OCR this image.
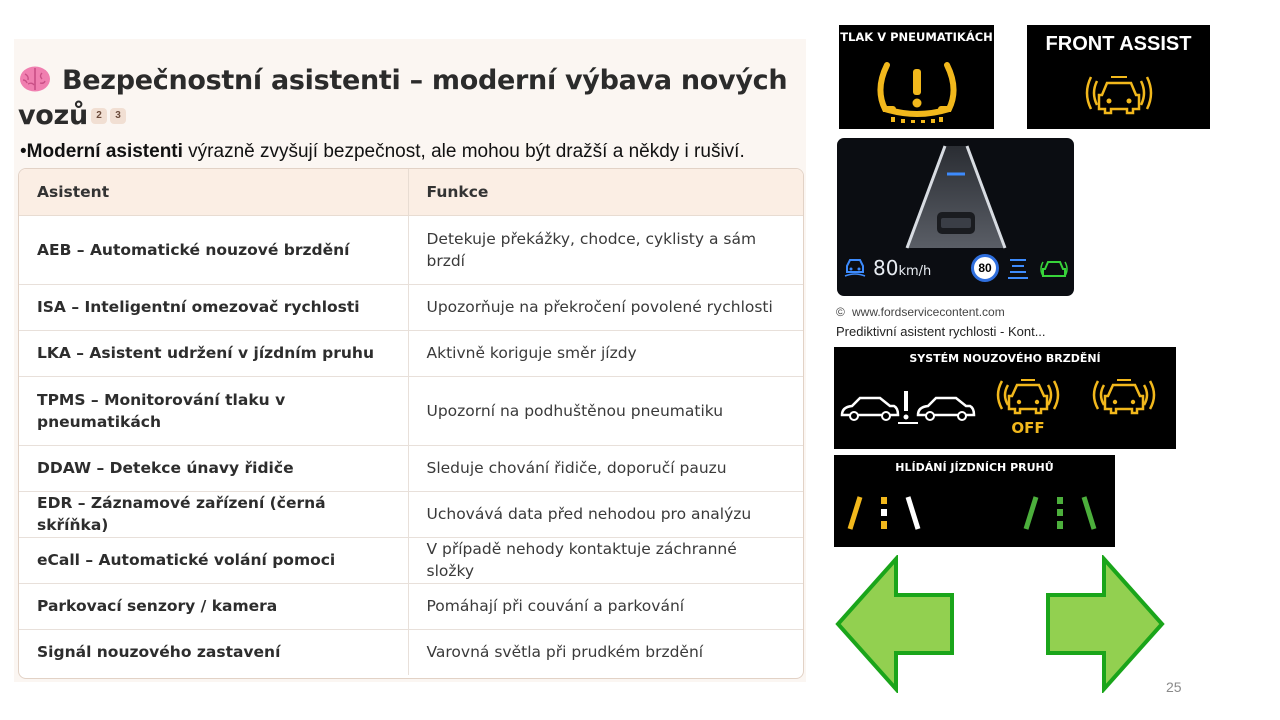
Bezpečnostní asistenti – moderní výbava nových vozů 2 3
•Moderní asistenti výrazně zvyšují bezpečnost, ale mohou být dražší a někdy i rušiví.
Asistent	Funkce
AEB – Automatické nouzové brzdění	Detekuje překážky, chodce, cyklisty a sám brzdí
ISA – Inteligentní omezovač rychlosti	Upozorňuje na překročení povolené rychlosti
LKA – Asistent udržení v jízdním pruhu	Aktivně koriguje směr jízdy
TPMS – Monitorování tlaku v pneumatikách	Upozorní na podhuštěnou pneumatiku
DDAW – Detekce únavy řidiče	Sleduje chování řidiče, doporučí pauzu
EDR – Záznamové zařízení (černá skříňka)	Uchovává data před nehodou pro analýzu
eCall – Automatické volání pomoci	V případě nehody kontaktuje záchranné složky
Parkovací senzory / kamera	Pomáhají při couvání a parkování
Signál nouzového zastavení	Varovná světla při prudkém brzdění
TLAK V PNEUMATIKÁCH	FRONT ASSIST
80km/h	80
© www.fordservicecontent.com
Prediktivní asistent rychlosti - Kont...
SYSTÉM NOUZOVÉHO BRZDĚNÍ
OFF
HLÍDÁNÍ JÍZDNÍCH PRUHŮ
25
